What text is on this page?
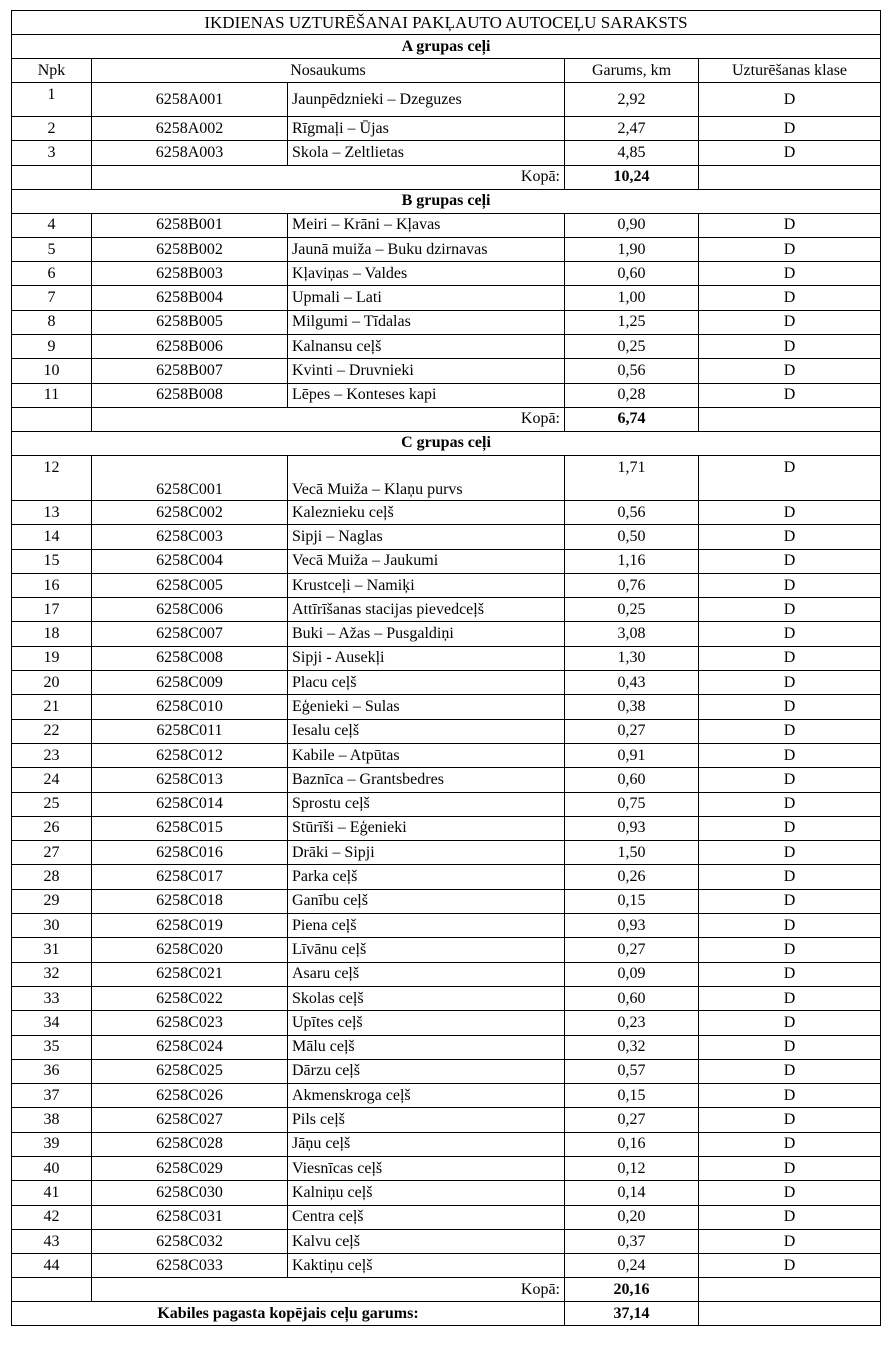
IKDIENAS UZTURĒŠANAI PAKĻAUTO AUTOCEĻU SARAKSTS				
A grupas ceļi				
Npk	Nosaukums		Garums, km	Uzturēšanas klase
1	6258A001	Jaunpēdznieki – Dzeguzes	2,92	D
2	6258A002	Rīgmaļi – Ūjas	2,47	D
3	6258A003	Skola – Zeltlietas	4,85	D
	Kopā:		10,24	
B grupas ceļi				
4	6258B001	Meiri – Krāni – Kļavas	0,90	D
5	6258B002	Jaunā muiža – Buku dzirnavas	1,90	D
6	6258B003	Kļaviņas – Valdes	0,60	D
7	6258B004	Upmali – Lati	1,00	D
8	6258B005	Milgumi – Tīdalas	1,25	D
9	6258B006	Kalnansu ceļš	0,25	D
10	6258B007	Kvinti – Druvnieki	0,56	D
11	6258B008	Lēpes – Konteses kapi	0,28	D
	Kopā:		6,74	
C grupas ceļi				
12	6258C001	Vecā Muiža – Klaņu purvs	1,71	D
13	6258C002	Kaleznieku ceļš	0,56	D
14	6258C003	Sipji – Naglas	0,50	D
15	6258C004	Vecā Muiža – Jaukumi	1,16	D
16	6258C005	Krustceļi – Namiķi	0,76	D
17	6258C006	Attīrīšanas stacijas pievedceļš	0,25	D
18	6258C007	Buki – Ažas – Pusgaldiņi	3,08	D
19	6258C008	Sipji - Ausekļi	1,30	D
20	6258C009	Placu ceļš	0,43	D
21	6258C010	Eģenieki – Sulas	0,38	D
22	6258C011	Iesalu ceļš	0,27	D
23	6258C012	Kabile – Atpūtas	0,91	D
24	6258C013	Baznīca – Grantsbedres	0,60	D
25	6258C014	Sprostu ceļš	0,75	D
26	6258C015	Stūrīši – Eģenieki	0,93	D
27	6258C016	Drāki – Sipji	1,50	D
28	6258C017	Parka ceļš	0,26	D
29	6258C018	Ganību ceļš	0,15	D
30	6258C019	Piena ceļš	0,93	D
31	6258C020	Līvānu ceļš	0,27	D
32	6258C021	Asaru ceļš	0,09	D
33	6258C022	Skolas ceļš	0,60	D
34	6258C023	Upītes ceļš	0,23	D
35	6258C024	Mālu ceļš	0,32	D
36	6258C025	Dārzu ceļš	0,57	D
37	6258C026	Akmenskroga ceļš	0,15	D
38	6258C027	Pils ceļš	0,27	D
39	6258C028	Jāņu ceļš	0,16	D
40	6258C029	Viesnīcas ceļš	0,12	D
41	6258C030	Kalniņu ceļš	0,14	D
42	6258C031	Centra ceļš	0,20	D
43	6258C032	Kalvu ceļš	0,37	D
44	6258C033	Kaktiņu ceļš	0,24	D
	Kopā:		20,16	
Kabiles pagasta kopējais ceļu garums:			37,14	
